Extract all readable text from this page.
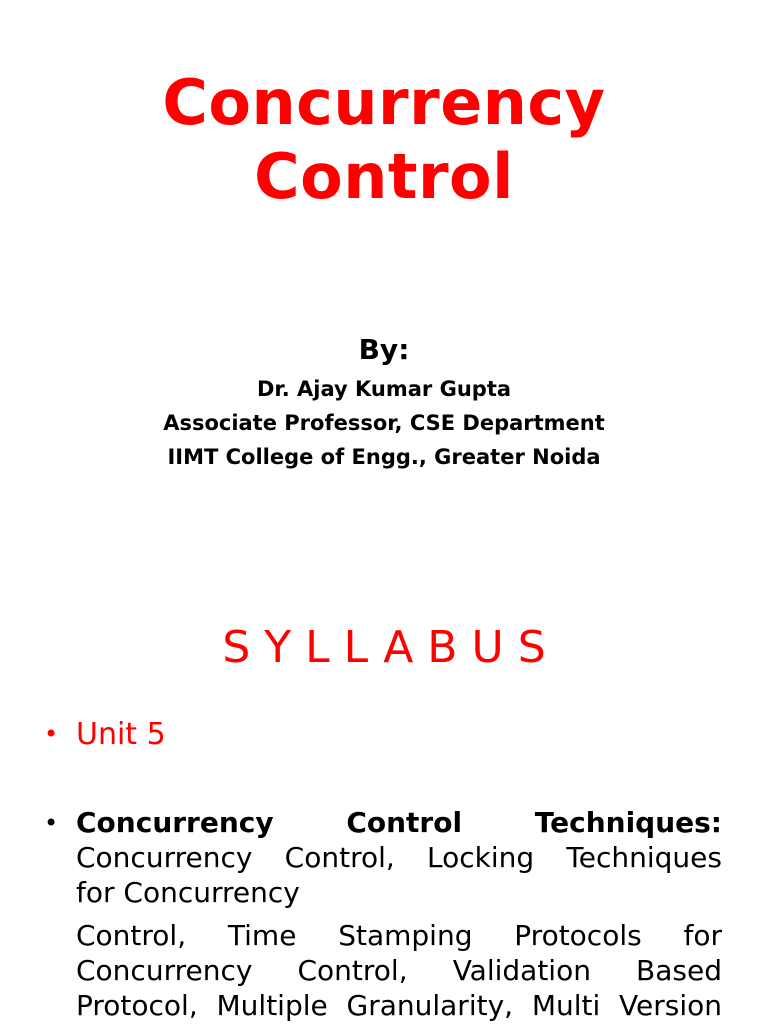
Concurrency
Control
By:
Dr. Ajay Kumar Gupta
Associate Professor, CSE Department
IIMT College of Engg., Greater Noida
SYLLABUS
• Unit 5
• Concurrency	Control	Techniques:
Concurrency Control, Locking Techniques
for Concurrency
Control, Time Stamping Protocols for
Concurrency Control, Validation Based
Protocol, Multiple Granularity, Multi Version
